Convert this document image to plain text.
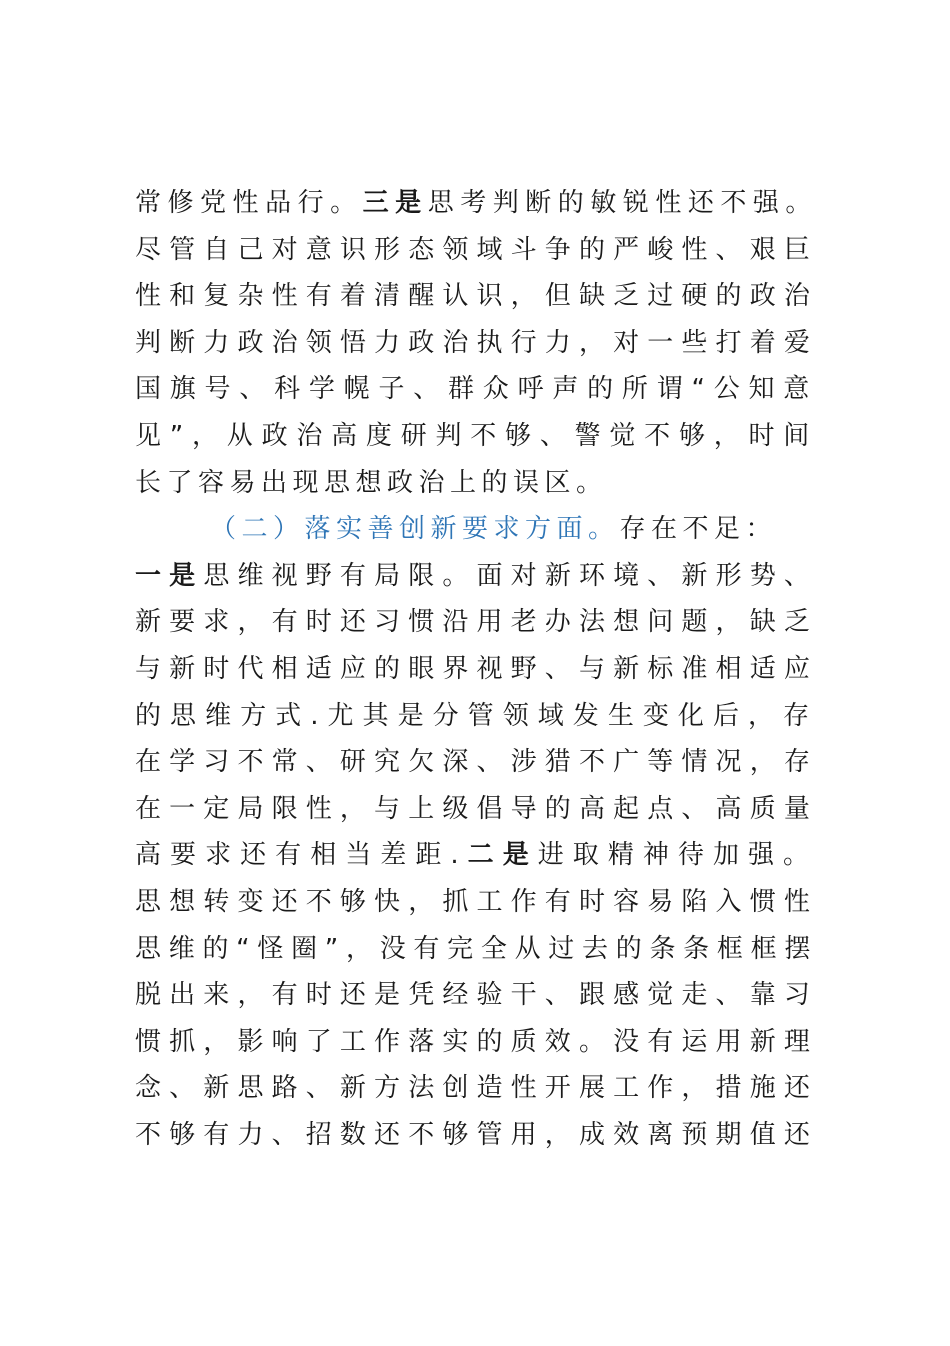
常修党性品行。三是思考判断的敏锐性还不强。
尽管自己对意识形态领域斗争的严峻性、艰巨
性和复杂性有着清醒认识，但缺乏过硬的政治
判断力政治领悟力政治执行力，对一些打着爱
国旗号、科学幌子、群众呼声的所谓“公知意
见”，从政治高度研判不够、警觉不够，时间
长了容易出现思想政治上的误区。
（二）落实善创新要求方面。存在不足：
一是思维视野有局限。面对新环境、新形势、
新要求，有时还习惯沿用老办法想问题，缺乏
与新时代相适应的眼界视野、与新标准相适应
的思维方式.尤其是分管领域发生变化后，存
在学习不常、研究欠深、涉猎不广等情况，存
在一定局限性，与上级倡导的高起点、高质量
高要求还有相当差距.二是进取精神待加强。
思想转变还不够快，抓工作有时容易陷入惯性
思维的“怪圈”，没有完全从过去的条条框框摆
脱出来，有时还是凭经验干、跟感觉走、靠习
惯抓，影响了工作落实的质效。没有运用新理
念、新思路、新方法创造性开展工作，措施还
不够有力、招数还不够管用，成效离预期值还
